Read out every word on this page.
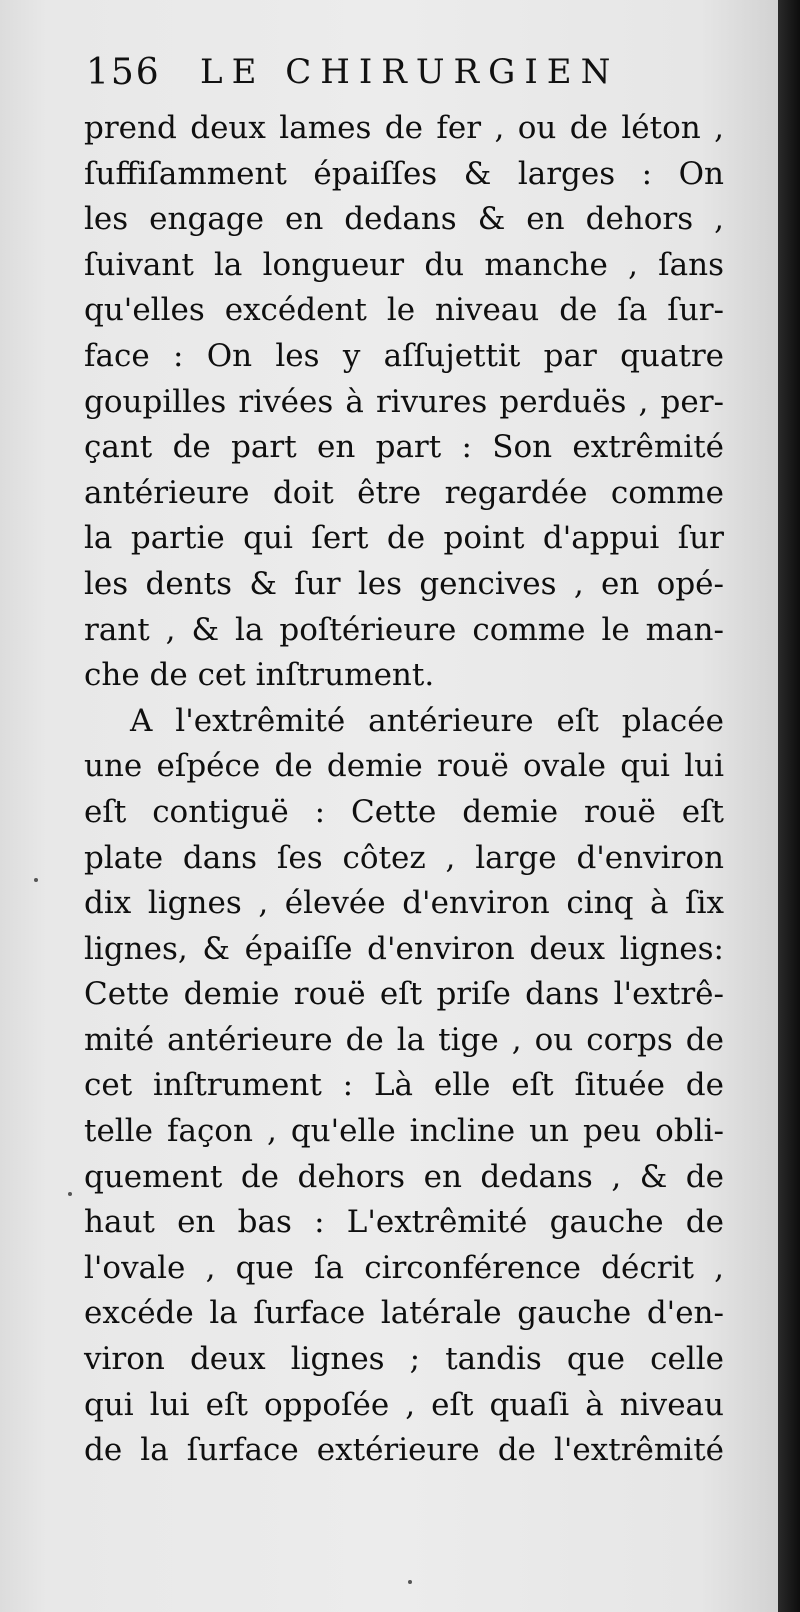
156 LE CHIRURGIEN
prend deux lames de fer , ou de léton ,
ſuffiſamment épaiſſes & larges : On
les engage en dedans & en dehors ,
ſuivant la longueur du manche , ſans
qu'elles excédent le niveau de ſa ſur-
face : On les y aſſujettit par quatre
goupilles rivées à rivures perduës , per-
çant de part en part : Son extrêmité
antérieure doit être regardée comme
la partie qui ſert de point d'appui ſur
les dents & ſur les gencives , en opé-
rant , & la poſtérieure comme le man-
che de cet inſtrument.
A l'extrêmité antérieure eſt placée
une eſpéce de demie rouë ovale qui lui
eſt contiguë : Cette demie rouë eſt
plate dans ſes côtez , large d'environ
dix lignes , élevée d'environ cinq à ſix
lignes, & épaiſſe d'environ deux lignes:
Cette demie rouë eſt priſe dans l'extrê-
mité antérieure de la tige , ou corps de
cet inſtrument : Là elle eſt ſituée de
telle façon , qu'elle incline un peu obli-
quement de dehors en dedans , & de
haut en bas : L'extrêmité gauche de
l'ovale , que ſa circonférence décrit ,
excéde la ſurface latérale gauche d'en-
viron deux lignes ; tandis que celle
qui lui eſt oppoſée , eſt quaſi à niveau
de la ſurface extérieure de l'extrêmité
